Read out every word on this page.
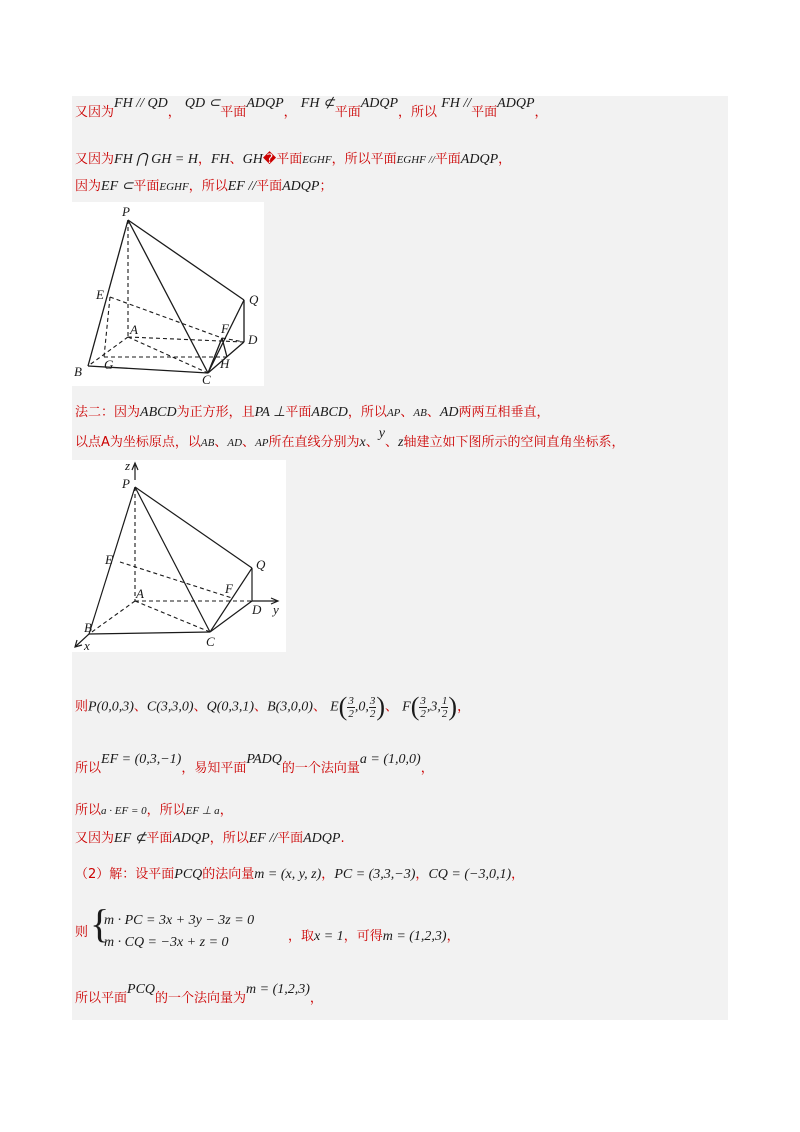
又因为FH // QD， QD ⊂平面ADQP， FH ⊄平面ADQP，所以 FH //平面ADQP，
又因为FH ⋂ GH = H，FH、GH�平面EGHF，所以平面EGHF //平面ADQP，
因为EF ⊂平面EGHF，所以EF //平面ADQP；
P
E	Q
A	F
D
B G
C
H
法二：因为ABCD为正方形，且PA ⊥平面ABCD，所以AP、AB、AD两两互相垂直，
以点A为坐标原点，以AB、AD、AP所在直线分别为x、y、z轴建立如下图所示的空间直角坐标系，
z
P
E	Q
A	F
D y
B
x	C
则P(0,0,3)、C(3,3,0)、Q(0,3,1)、B(3,0,0)、 $E( \frac{3}{2} ,0$, $\frac{3}{2}$ )、 $F( \frac{3}{2} ,3$, $\frac{1}{2}$ )，
所以EF = (0,3,−1)，易知平面PADQ的一个法向量a = (1,0,0)，
所以a · EF = 0，所以EF ⊥ a，
又因为EF ⊄平面ADQP，所以EF //平面ADQP.
（2）解：设平面PCQ的法向量m = (x, y, z)，PC = (3,3,−3)，CQ = (−3,0,1)，
{
m · PC = 3x + 3y − 3z = 0
m · CQ = −3x + z = 0
则	，取x = 1，可得m = (1,2,3)，
所以平面PCQ的一个法向量为m = (1,2,3)，
